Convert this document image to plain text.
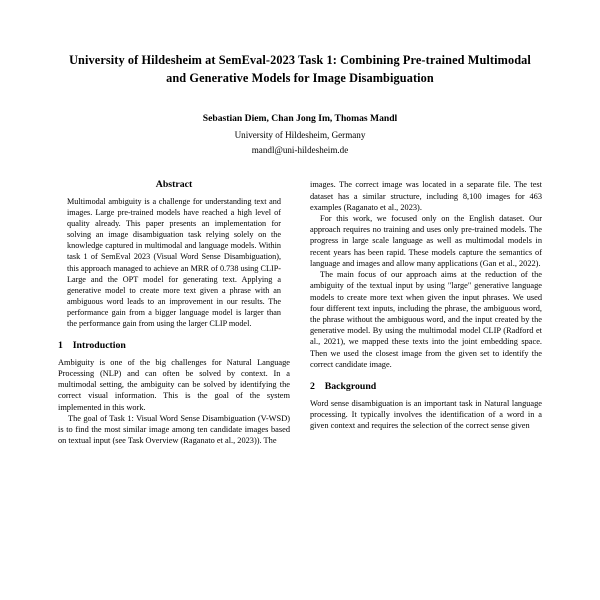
University of Hildesheim at SemEval-2023 Task 1: Combining Pre-trained Multimodal and Generative Models for Image Disambiguation
Sebastian Diem, Chan Jong Im, Thomas Mandl
University of Hildesheim, Germany
mandl@uni-hildesheim.de
Abstract

Multimodal ambiguity is a challenge for understanding text and images. Large pre-trained models have reached a high level of quality already. This paper presents an implementation for solving an image disambiguation task relying solely on the knowledge captured in multimodal and language models. Within task 1 of SemEval 2023 (Visual Word Sense Disambiguation), this approach managed to achieve an MRR of 0.738 using CLIP-Large and the OPT model for generating text. Applying a generative model to create more text given a phrase with an ambiguous word leads to an improvement in our results. The performance gain from a bigger language model is larger than the performance gain from using the larger CLIP model.

1 Introduction

Ambiguity is one of the big challenges for Natural Language Processing (NLP) and can often be solved by context. In a multimodal setting, the ambiguity can be solved by identifying the correct visual information. This is the goal of the system implemented in this work.

The goal of Task 1: Visual Word Sense Disambiguation (V-WSD) is to find the most similar image among ten candidate images based on textual input (see Task Overview (Raganato et al., 2023)). The

images. The correct image was located in a separate file. The test dataset has a similar structure, including 8,100 images for 463 examples (Raganato et al., 2023).

For this work, we focused only on the English dataset. Our approach requires no training and uses only pre-trained models. The progress in large scale language as well as multimodal models in recent years has been rapid. These models capture the semantics of language and images and allow many applications (Gan et al., 2022).

The main focus of our approach aims at the reduction of the ambiguity of the textual input by using "large" generative language models to create more text when given the input phrases. We used four different text inputs, including the phrase, the ambiguous word, the phrase without the ambiguous word, and the input created by the generative model. By using the multimodal model CLIP (Radford et al., 2021), we mapped these texts into the joint embedding space. Then we used the closest image from the given set to identify the correct candidate image.

2 Background

Word sense disambiguation is an important task in Natural language processing. It typically involves the identification of a word in a given context and requires the selection of the correct sense given
